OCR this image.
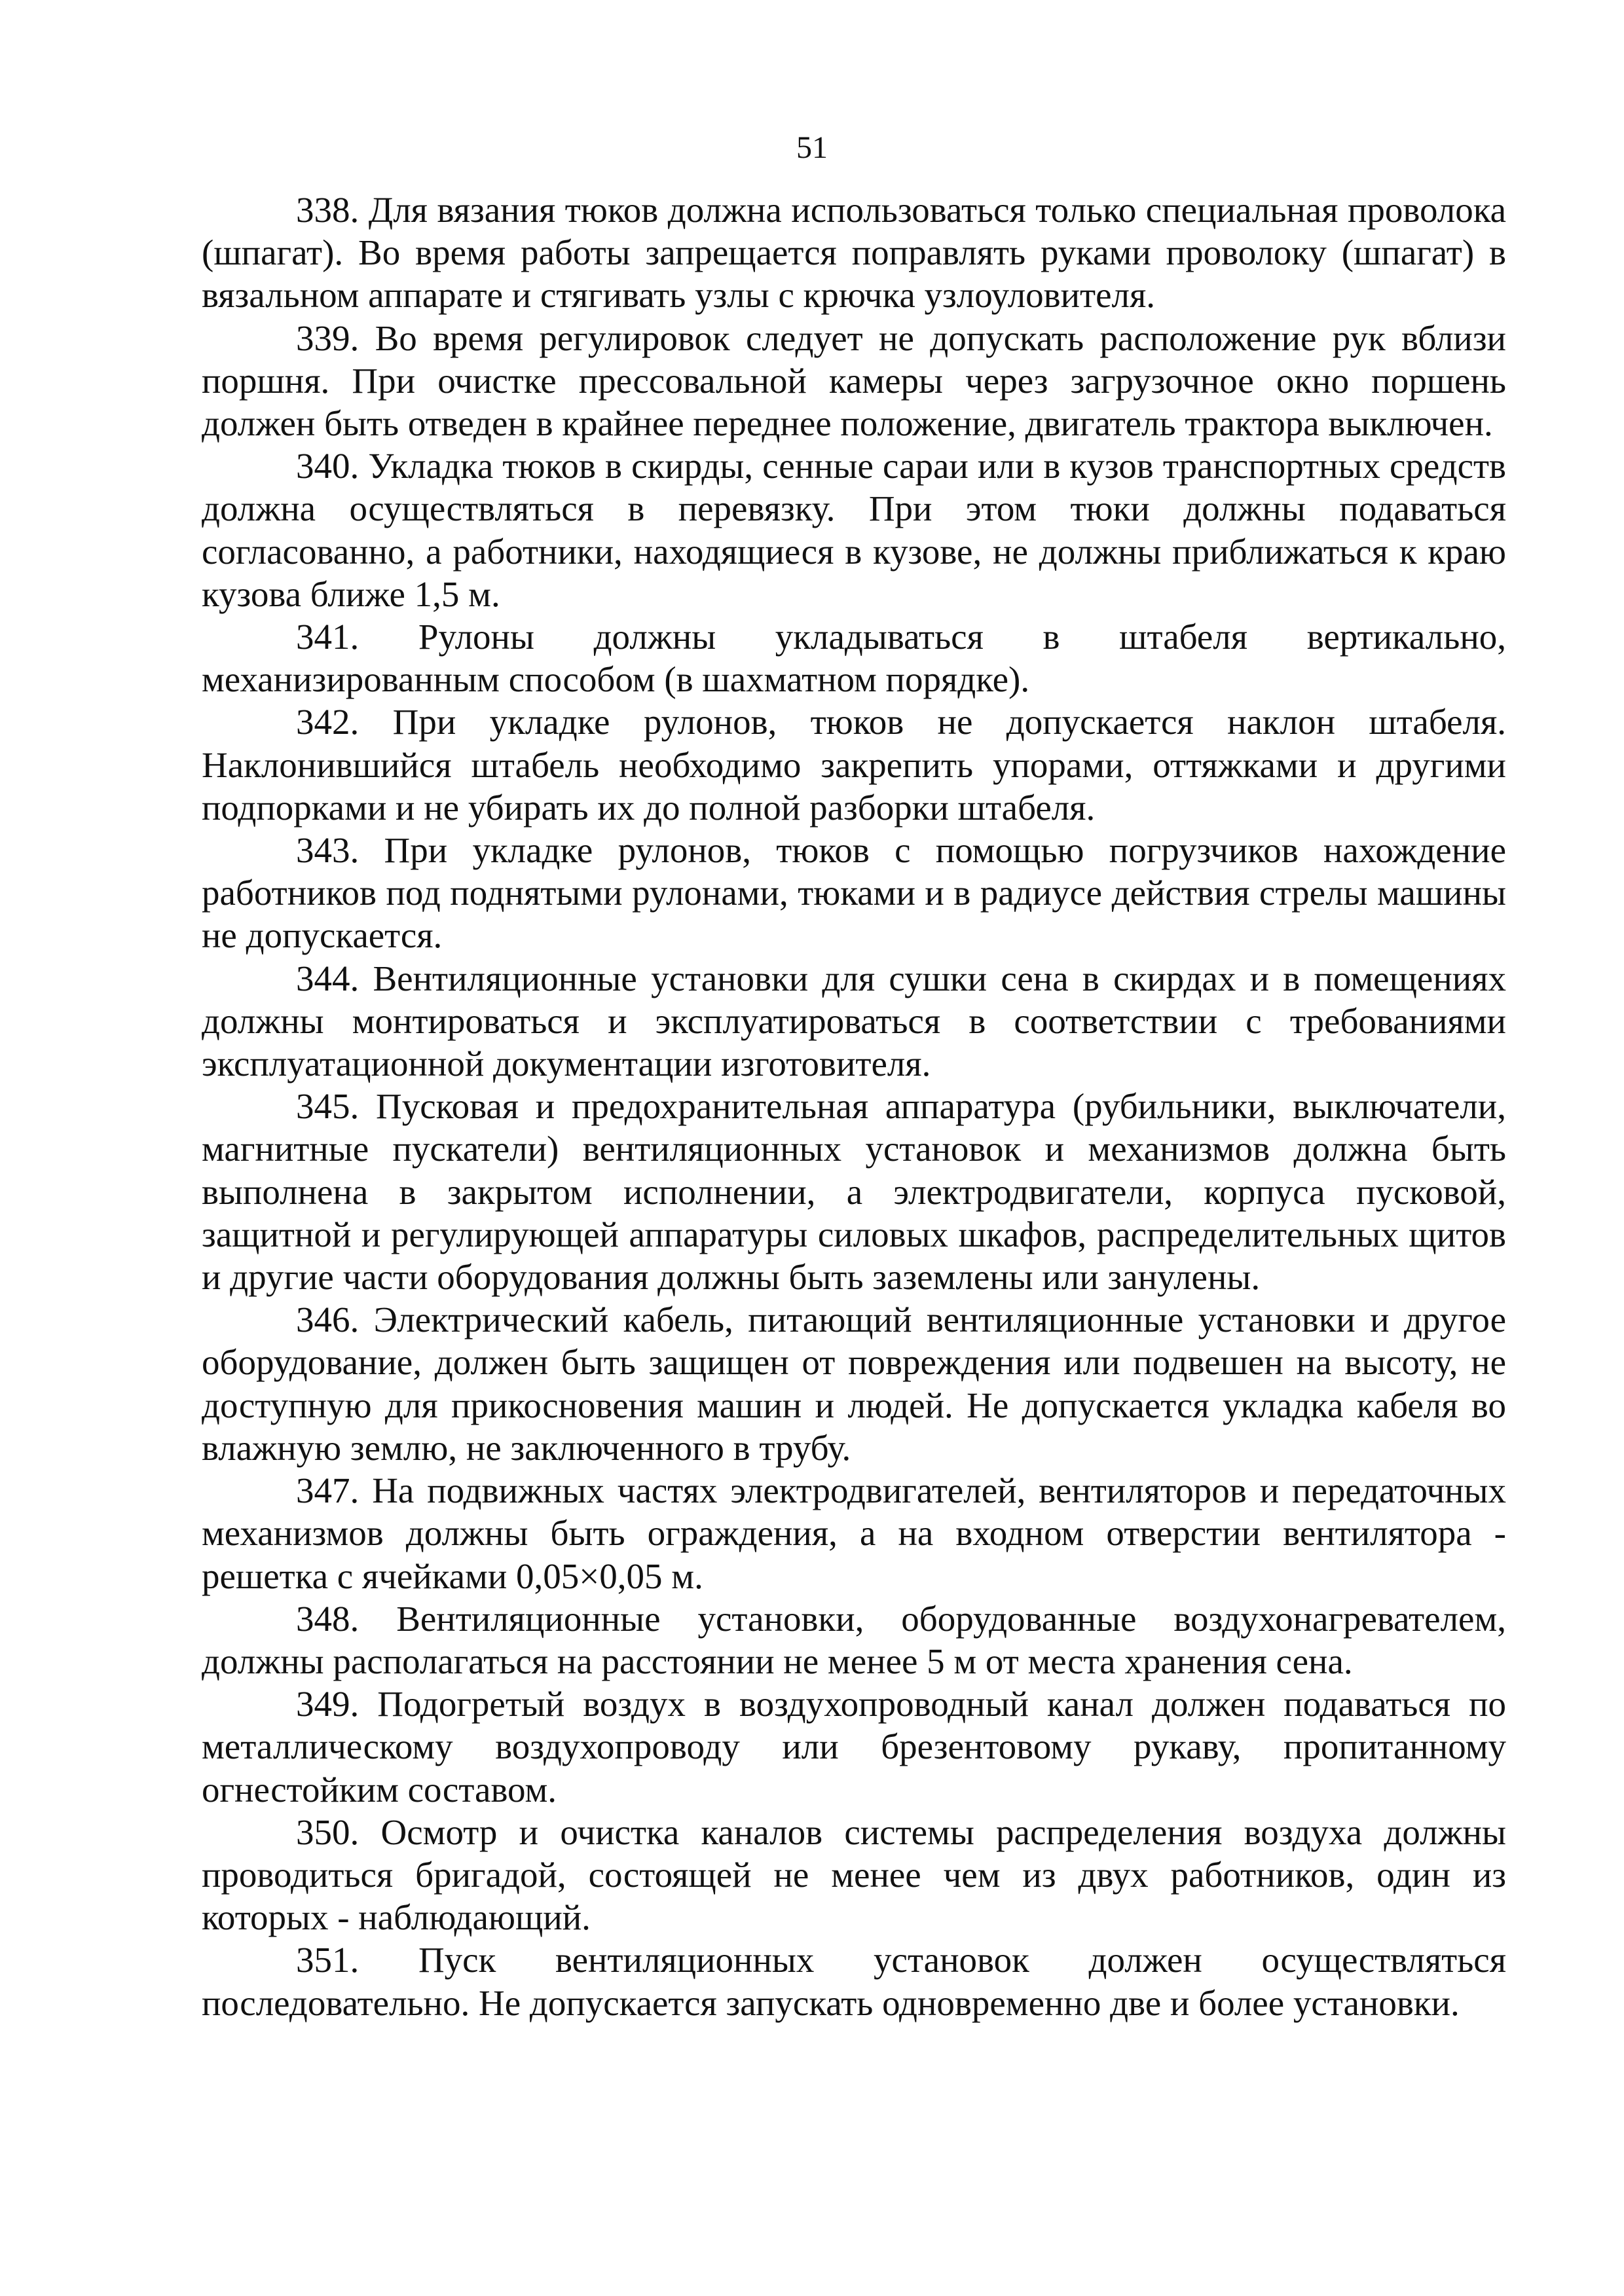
51

338. Для вязания тюков должна использоваться только специальная проволока (шпагат). Во время работы запрещается поправлять руками проволоку (шпагат) в вязальном аппарате и стягивать узлы с крючка узлоуловителя.

339. Во время регулировок следует не допускать расположение рук вблизи поршня. При очистке прессовальной камеры через загрузочное окно поршень должен быть отведен в крайнее переднее положение, двигатель трактора выключен.

340. Укладка тюков в скирды, сенные сараи или в кузов транспортных средств должна осуществляться в перевязку. При этом тюки должны подаваться согласованно, а работники, находящиеся в кузове, не должны приближаться к краю кузова ближе 1,5 м.

341. Рулоны должны укладываться в штабеля вертикально, механизированным способом (в шахматном порядке).

342. При укладке рулонов, тюков не допускается наклон штабеля. Наклонившийся штабель необходимо закрепить упорами, оттяжками и другими подпорками и не убирать их до полной разборки штабеля.

343. При укладке рулонов, тюков с помощью погрузчиков нахождение работников под поднятыми рулонами, тюками и в радиусе действия стрелы машины не допускается.

344. Вентиляционные установки для сушки сена в скирдах и в помещениях должны монтироваться и эксплуатироваться в соответствии с требованиями эксплуатационной документации изготовителя.

345. Пусковая и предохранительная аппаратура (рубильники, выключатели, магнитные пускатели) вентиляционных установок и механизмов должна быть выполнена в закрытом исполнении, а электродвигатели, корпуса пусковой, защитной и регулирующей аппаратуры силовых шкафов, распределительных щитов и другие части оборудования должны быть заземлены или занулены.

346. Электрический кабель, питающий вентиляционные установки и другое оборудование, должен быть защищен от повреждения или подвешен на высоту, не доступную для прикосновения машин и людей. Не допускается укладка кабеля во влажную землю, не заключенного в трубу.

347. На подвижных частях электродвигателей, вентиляторов и передаточных механизмов должны быть ограждения, а на входном отверстии вентилятора - решетка с ячейками 0,05×0,05 м.

348. Вентиляционные установки, оборудованные воздухонагревателем, должны располагаться на расстоянии не менее 5 м от места хранения сена.

349. Подогретый воздух в воздухопроводный канал должен подаваться по металлическому воздухопроводу или брезентовому рукаву, пропитанному огнестойким составом.

350. Осмотр и очистка каналов системы распределения воздуха должны проводиться бригадой, состоящей не менее чем из двух работников, один из которых - наблюдающий.

351. Пуск вентиляционных установок должен осуществляться последовательно. Не допускается запускать одновременно две и более установки.
